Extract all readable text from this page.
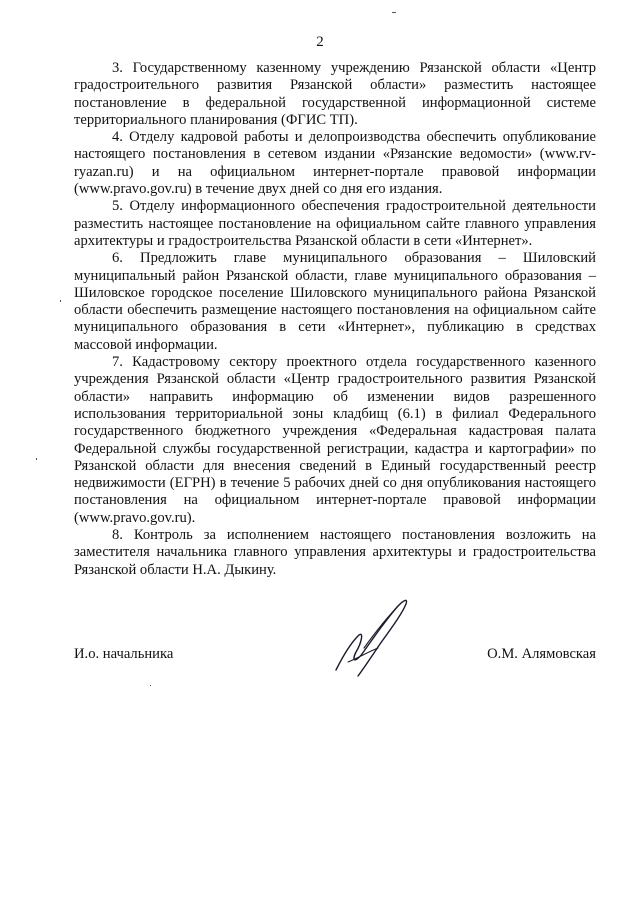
2

3. Государственному казенному учреждению Рязанской области «Центр градостроительного развития Рязанской области» разместить настоящее постановление в федеральной государственной информационной системе территориального планирования (ФГИС ТП).

4. Отделу кадровой работы и делопроизводства обеспечить опубликование настоящего постановления в сетевом издании «Рязанские ведомости» (www.rv-ryazan.ru) и на официальном интернет-портале правовой информации (www.pravo.gov.ru) в течение двух дней со дня его издания.

5. Отделу информационного обеспечения градостроительной деятельности разместить настоящее постановление на официальном сайте главного управления архитектуры и градостроительства Рязанской области в сети «Интернет».

6. Предложить главе муниципального образования – Шиловский муниципальный район Рязанской области, главе муниципального образования – Шиловское городское поселение Шиловского муниципального района Рязанской области обеспечить размещение настоящего постановления на официальном сайте муниципального образования в сети «Интернет», публикацию в средствах массовой информации.

7. Кадастровому сектору проектного отдела государственного казенного учреждения Рязанской области «Центр градостроительного развития Рязанской области» направить информацию об изменении видов разрешенного использования территориальной зоны кладбищ (6.1) в филиал Федерального государственного бюджетного учреждения «Федеральная кадастровая палата Федеральной службы государственной регистрации, кадастра и картографии» по Рязанской области для внесения сведений в Единый государственный реестр недвижимости (ЕГРН) в течение 5 рабочих дней со дня опубликования настоящего постановления на официальном интернет-портале правовой информации (www.pravo.gov.ru).

8. Контроль за исполнением настоящего постановления возложить на заместителя начальника главного управления архитектуры и градостроительства Рязанской области Н.А. Дыкину.

И.о. начальника	О.М. Алямовская
